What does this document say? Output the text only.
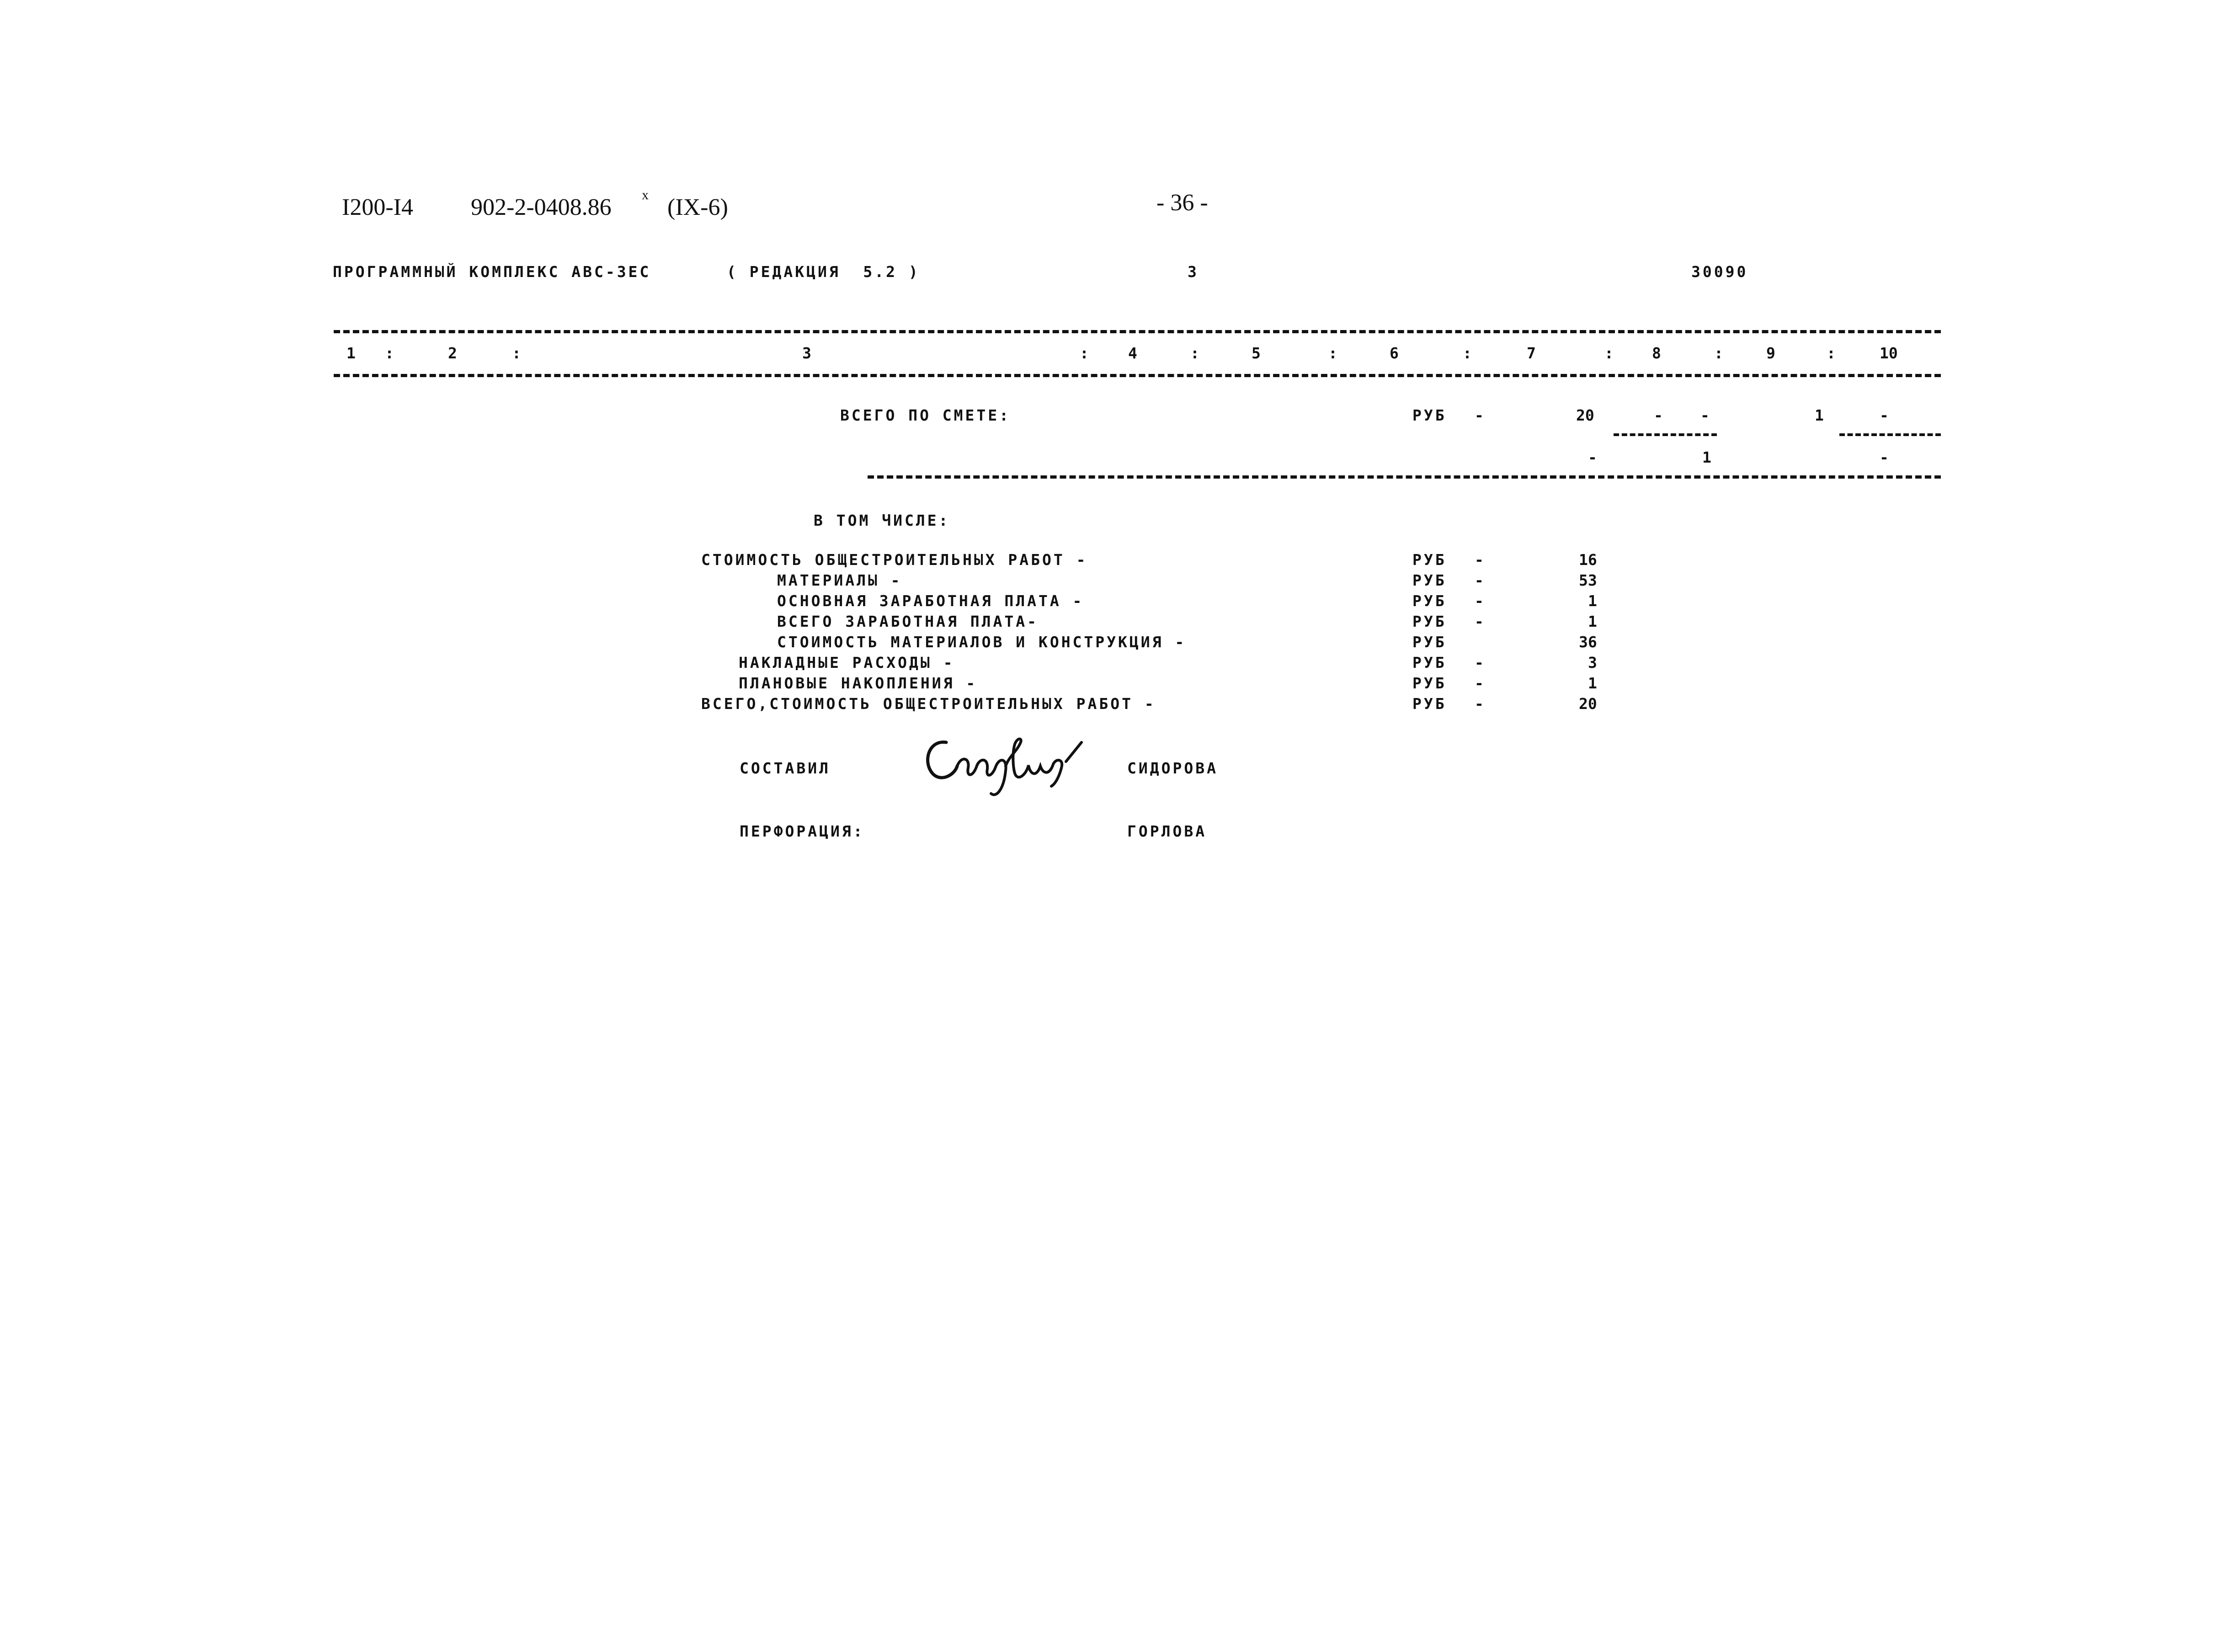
I200-I4 902-2-0408.86 x (IX-6)	- 36 -
ПРОГРАММНЫЙ КОМПЛЕКС АВС-3ЕС	( РЕДАКЦИЯ  5.2 )	3	30090
1 :	2	:	3	:	4	:	5	:	6	:	7	:	8	:	9	:	10
ВСЕГО ПО СМЕТЕ:	РУБ -	20	- -	1	-
-	1	-
В ТОМ ЧИСЛЕ:
СТОИМОСТЬ ОБЩЕСТРОИТЕЛЬНЫХ РАБОТ -	РУБ -	16
МАТЕРИАЛЫ -	РУБ -	53
ОСНОВНАЯ ЗАРАБОТНАЯ ПЛАТА -	РУБ -	1
ВСЕГО ЗАРАБОТНАЯ ПЛАТА-	РУБ -	1
СТОИМОСТЬ МАТЕРИАЛОВ И КОНСТРУКЦИЯ -	РУБ	36
НАКЛАДНЫЕ РАСХОДЫ -	РУБ -	3
ПЛАНОВЫЕ НАКОПЛЕНИЯ -	РУБ -	1
ВСЕГО,СТОИМОСТЬ ОБЩЕСТРОИТЕЛЬНЫХ РАБОТ -	РУБ -	20
СОСТАВИЛ	СИДОРОВА
ПЕРФОРАЦИЯ:	ГОРЛОВА
